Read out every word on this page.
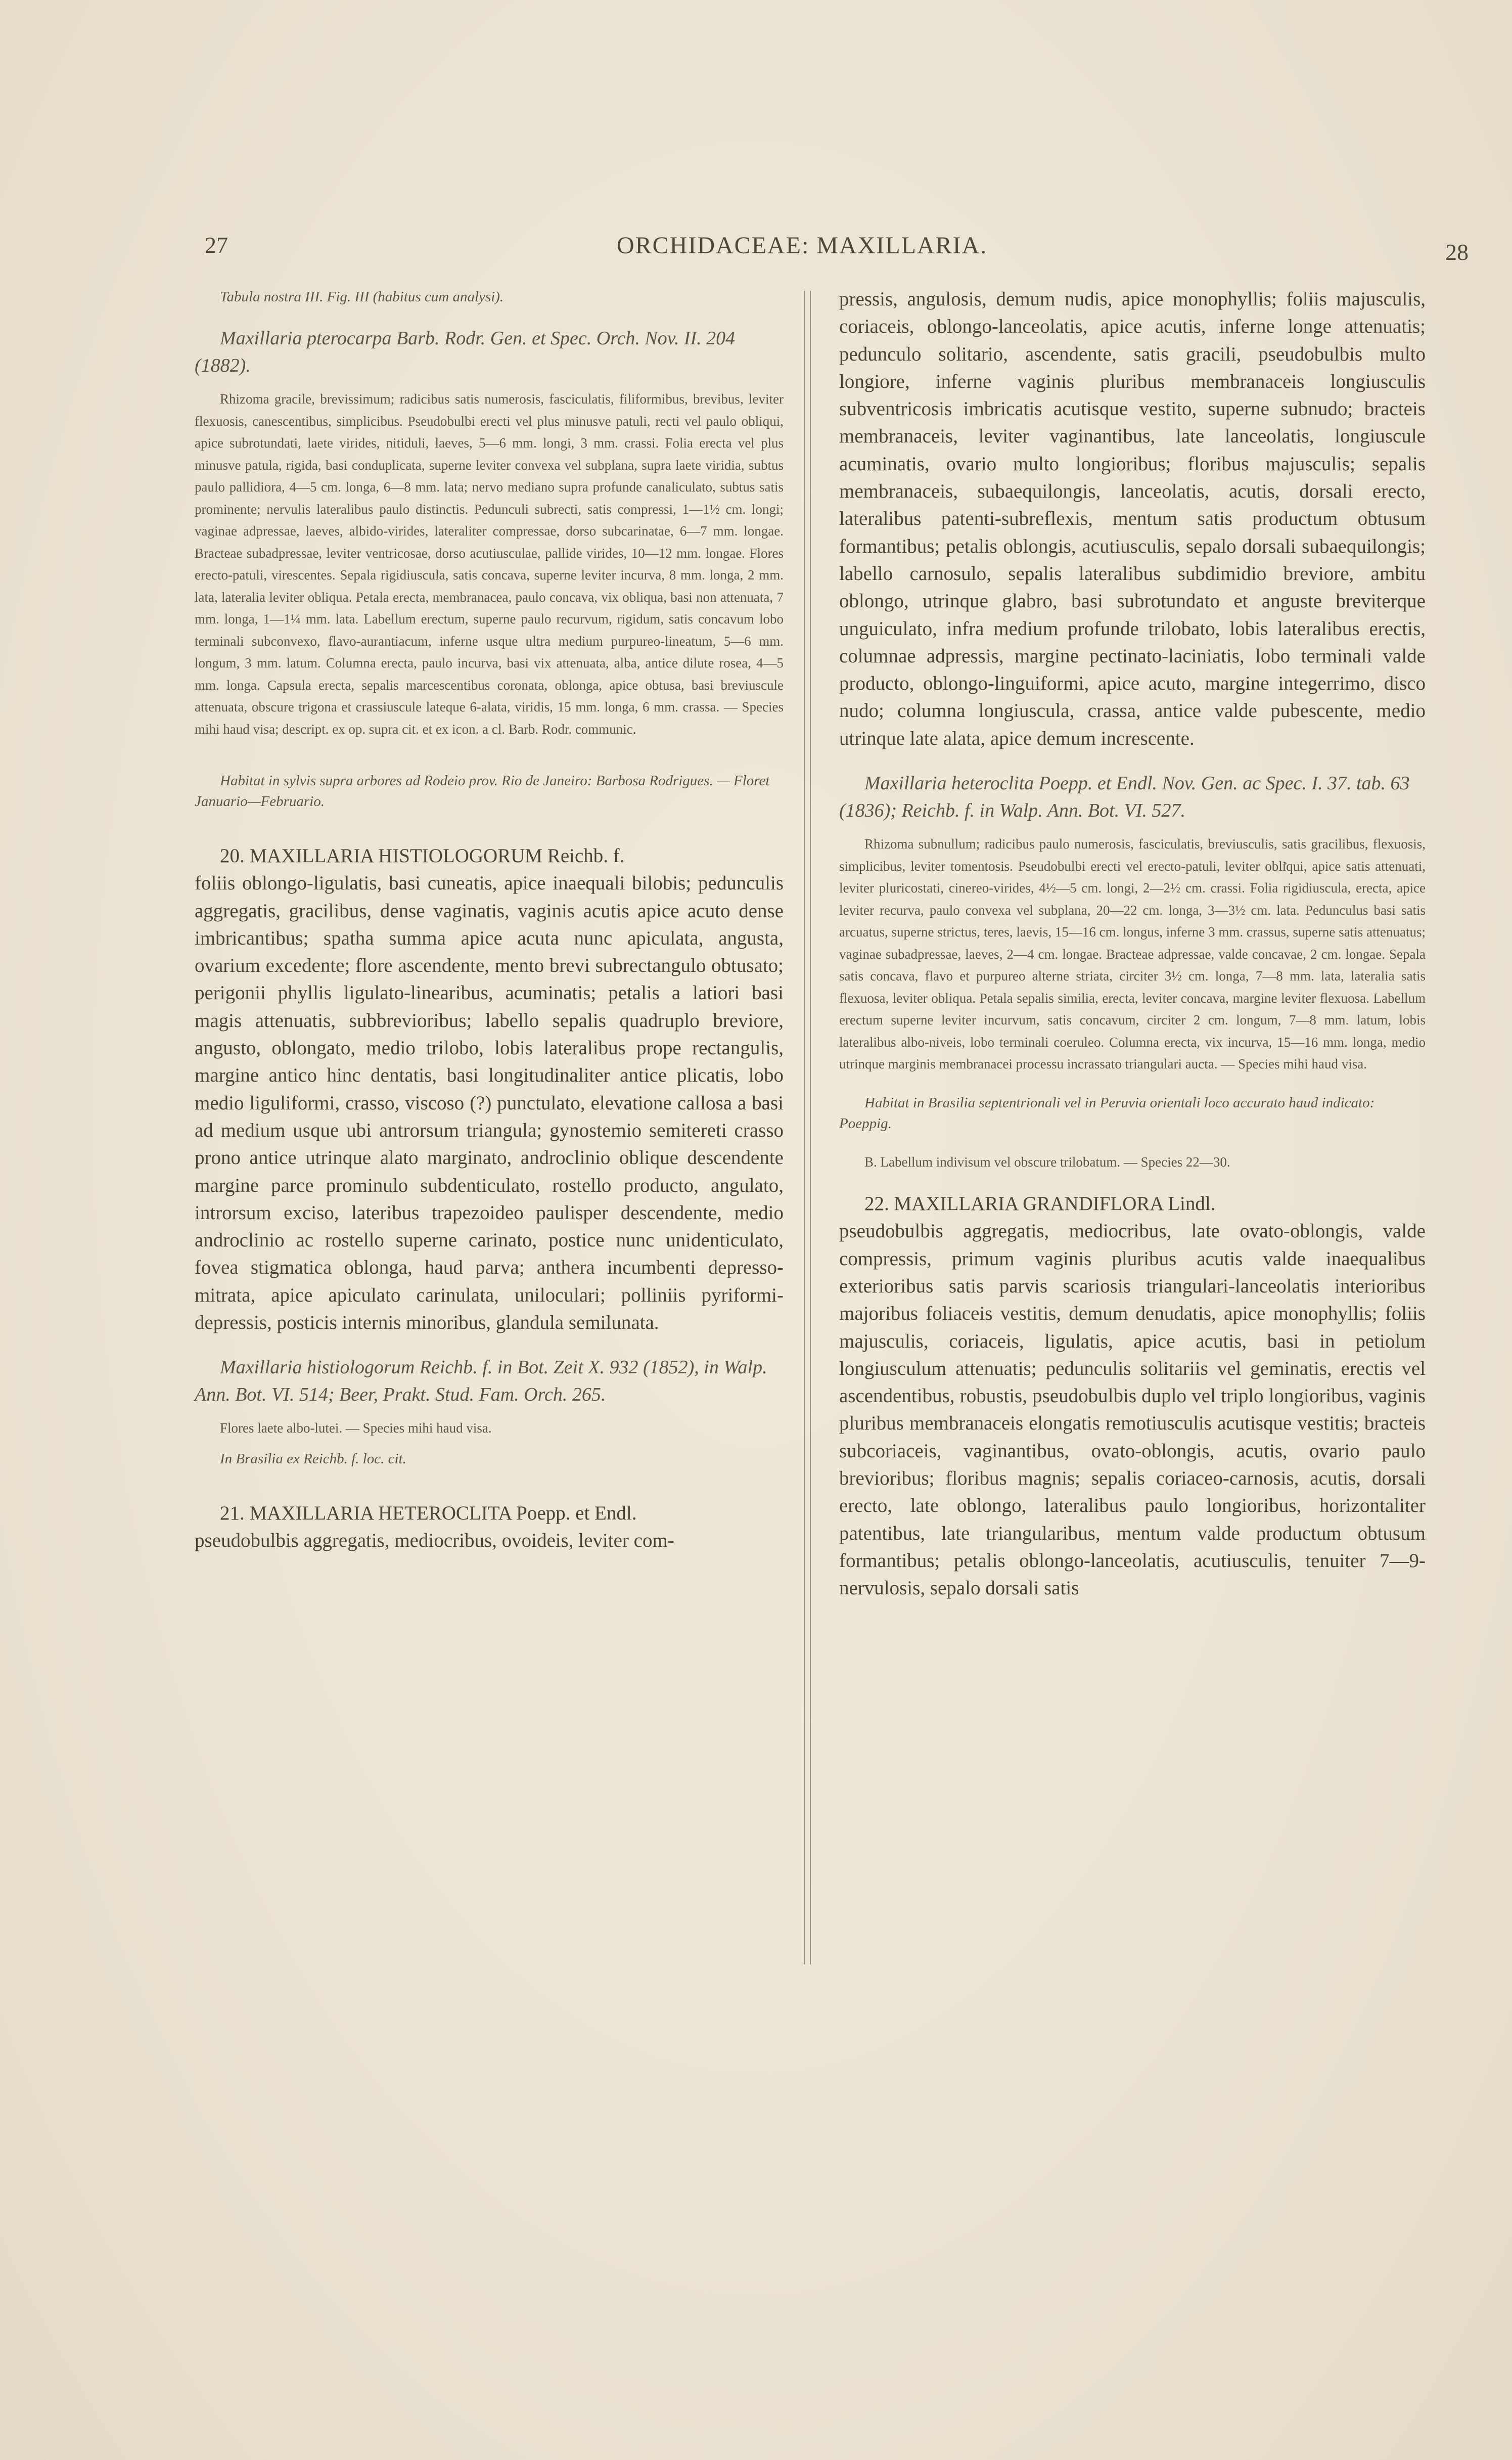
27	ORCHIDACEAE: MAXILLARIA.	28

Tabula nostra III. Fig. III (habitus cum analysi).

Maxillaria pterocarpa Barb. Rodr. Gen. et Spec. Orch. Nov. II. 204 (1882).

Rhizoma gracile, brevissimum; radicibus satis numerosis, fasciculatis, filiformibus, brevibus, leviter flexuosis, canescentibus, simplicibus. Pseudobulbi erecti vel plus minusve patuli, recti vel paulo obliqui, apice subrotundati, laete virides, nitiduli, laeves, 5—6 mm. longi, 3 mm. crassi. Folia erecta vel plus minusve patula, rigida, basi conduplicata, superne leviter convexa vel subplana, supra laete viridia, subtus paulo pallidiora, 4—5 cm. longa, 6—8 mm. lata; nervo mediano supra profunde canaliculato, subtus satis prominente; nervulis lateralibus paulo distinctis. Pedunculi subrecti, satis compressi, 1—1½ cm. longi; vaginae adpressae, laeves, albido-virides, lateraliter compressae, dorso subcarinatae, 6—7 mm. longae. Bracteae subadpressae, leviter ventricosae, dorso acutiusculae, pallide virides, 10—12 mm. longae. Flores erecto-patuli, virescentes. Sepala rigidiuscula, satis concava, superne leviter incurva, 8 mm. longa, 2 mm. lata, lateralia leviter obliqua. Petala erecta, membranacea, paulo concava, vix obliqua, basi non attenuata, 7 mm. longa, 1—1¼ mm. lata. Labellum erectum, superne paulo recurvum, rigidum, satis concavum lobo terminali subconvexo, flavo-aurantiacum, inferne usque ultra medium purpureo-lineatum, 5—6 mm. longum, 3 mm. latum. Columna erecta, paulo incurva, basi vix attenuata, alba, antice dilute rosea, 4—5 mm. longa. Capsula erecta, sepalis marcescentibus coronata, oblonga, apice obtusa, basi breviuscule attenuata, obscure trigona et crassiuscule lateque 6-alata, viridis, 15 mm. longa, 6 mm. crassa. — Species mihi haud visa; descript. ex op. supra cit. et ex icon. a cl. Barb. Rodr. communic.

Habitat in sylvis supra arbores ad Rodeio prov. Rio de Janeiro: Barbosa Rodrigues. — Floret Januario—Februario.

20. MAXILLARIA HISTIOLOGORUM Reichb. f.

foliis oblongo-ligulatis, basi cuneatis, apice inaequali bilobis; pedunculis aggregatis, gracilibus, dense vaginatis, vaginis acutis apice acuto dense imbricantibus; spatha summa apice acuta nunc apiculata, angusta, ovarium excedente; flore ascendente, mento brevi subrectangulo obtusato; perigonii phyllis ligulato-linearibus, acuminatis; petalis a latiori basi magis attenuatis, subbrevioribus; labello sepalis quadruplo breviore, angusto, oblongato, medio trilobo, lobis lateralibus prope rectangulis, margine antico hinc dentatis, basi longitudinaliter antice plicatis, lobo medio liguliformi, crasso, viscoso (?) punctulato, elevatione callosa a basi ad medium usque ubi antrorsum triangula; gynostemio semitereti crasso prono antice utrinque alato marginato, androclinio oblique descendente margine parce prominulo subdenticulato, rostello producto, angulato, introrsum exciso, lateribus trapezoideo paulisper descendente, medio androclinio ac rostello superne carinato, postice nunc unidenticulato, fovea stigmatica oblonga, haud parva; anthera incumbenti depresso-mitrata, apice apiculato carinulata, uniloculari; polliniis pyriformi-depressis, posticis internis minoribus, glandula semilunata.

Maxillaria histiologorum Reichb. f. in Bot. Zeit X. 932 (1852), in Walp. Ann. Bot. VI. 514; Beer, Prakt. Stud. Fam. Orch. 265.

Flores laete albo-lutei. — Species mihi haud visa.

In Brasilia ex Reichb. f. loc. cit.

21. MAXILLARIA HETEROCLITA Poepp. et Endl.

pseudobulbis aggregatis, mediocribus, ovoideis, leviter com-

pressis, angulosis, demum nudis, apice monophyllis; foliis majusculis, coriaceis, oblongo-lanceolatis, apice acutis, inferne longe attenuatis; pedunculo solitario, ascendente, satis gracili, pseudobulbis multo longiore, inferne vaginis pluribus membranaceis longiusculis subventricosis imbricatis acutisque vestito, superne subnudo; bracteis membranaceis, leviter vaginantibus, late lanceolatis, longiuscule acuminatis, ovario multo longioribus; floribus majusculis; sepalis membranaceis, subaequilongis, lanceolatis, acutis, dorsali erecto, lateralibus patenti-subreflexis, mentum satis productum obtusum formantibus; petalis oblongis, acutiusculis, sepalo dorsali subaequilongis; labello carnosulo, sepalis lateralibus subdimidio breviore, ambitu oblongo, utrinque glabro, basi subrotundato et anguste breviterque unguiculato, infra medium profunde trilobato, lobis lateralibus erectis, columnae adpressis, margine pectinato-laciniatis, lobo terminali valde producto, oblongo-linguiformi, apice acuto, margine integerrimo, disco nudo; columna longiuscula, crassa, antice valde pubescente, medio utrinque late alata, apice demum increscente.

Maxillaria heteroclita Poepp. et Endl. Nov. Gen. ac Spec. I. 37. tab. 63 (1836); Reichb. f. in Walp. Ann. Bot. VI. 527.

Rhizoma subnullum; radicibus paulo numerosis, fasciculatis, breviusculis, satis gracilibus, flexuosis, simplicibus, leviter tomentosis. Pseudobulbi erecti vel erecto-patuli, leviter obliqui, apice satis attenuati, leviter pluricostati, cinereo-virides, 4½—5 cm. longi, 2—2½ cm. crassi. Folia rigidiuscula, erecta, apice leviter recurva, paulo convexa vel subplana, 20—22 cm. longa, 3—3½ cm. lata. Pedunculus basi satis arcuatus, superne strictus, teres, laevis, 15—16 cm. longus, inferne 3 mm. crassus, superne satis attenuatus; vaginae subadpressae, laeves, 2—4 cm. longae. Bracteae adpressae, valde concavae, 2 cm. longae. Sepala satis concava, flavo et purpureo alterne striata, circiter 3½ cm. longa, 7—8 mm. lata, lateralia satis flexuosa, leviter obliqua. Petala sepalis similia, erecta, leviter concava, margine leviter flexuosa. Labellum erectum superne leviter incurvum, satis concavum, circiter 2 cm. longum, 7—8 mm. latum, lobis lateralibus albo-niveis, lobo terminali coeruleo. Columna erecta, vix incurva, 15—16 mm. longa, medio utrinque marginis membranacei processu incrassato triangulari aucta. — Species mihi haud visa.

Habitat in Brasilia septentrionali vel in Peruvia orientali loco accurato haud indicato: Poeppig.

B. Labellum indivisum vel obscure trilobatum. — Species 22—30.

22. MAXILLARIA GRANDIFLORA Lindl.

pseudobulbis aggregatis, mediocribus, late ovato-oblongis, valde compressis, primum vaginis pluribus acutis valde inaequalibus exterioribus satis parvis scariosis triangulari-lanceolatis interioribus majoribus foliaceis vestitis, demum denudatis, apice monophyllis; foliis majusculis, coriaceis, ligulatis, apice acutis, basi in petiolum longiusculum attenuatis; pedunculis solitariis vel geminatis, erectis vel ascendentibus, robustis, pseudobulbis duplo vel triplo longioribus, vaginis pluribus membranaceis elongatis remotiusculis acutisque vestitis; bracteis subcoriaceis, vaginantibus, ovato-oblongis, acutis, ovario paulo brevioribus; floribus magnis; sepalis coriaceo-carnosis, acutis, dorsali erecto, late oblongo, lateralibus paulo longioribus, horizontaliter patentibus, late triangularibus, mentum valde productum obtusum formantibus; petalis oblongo-lanceolatis, acutiusculis, tenuiter 7—9-nervulosis, sepalo dorsali satis
